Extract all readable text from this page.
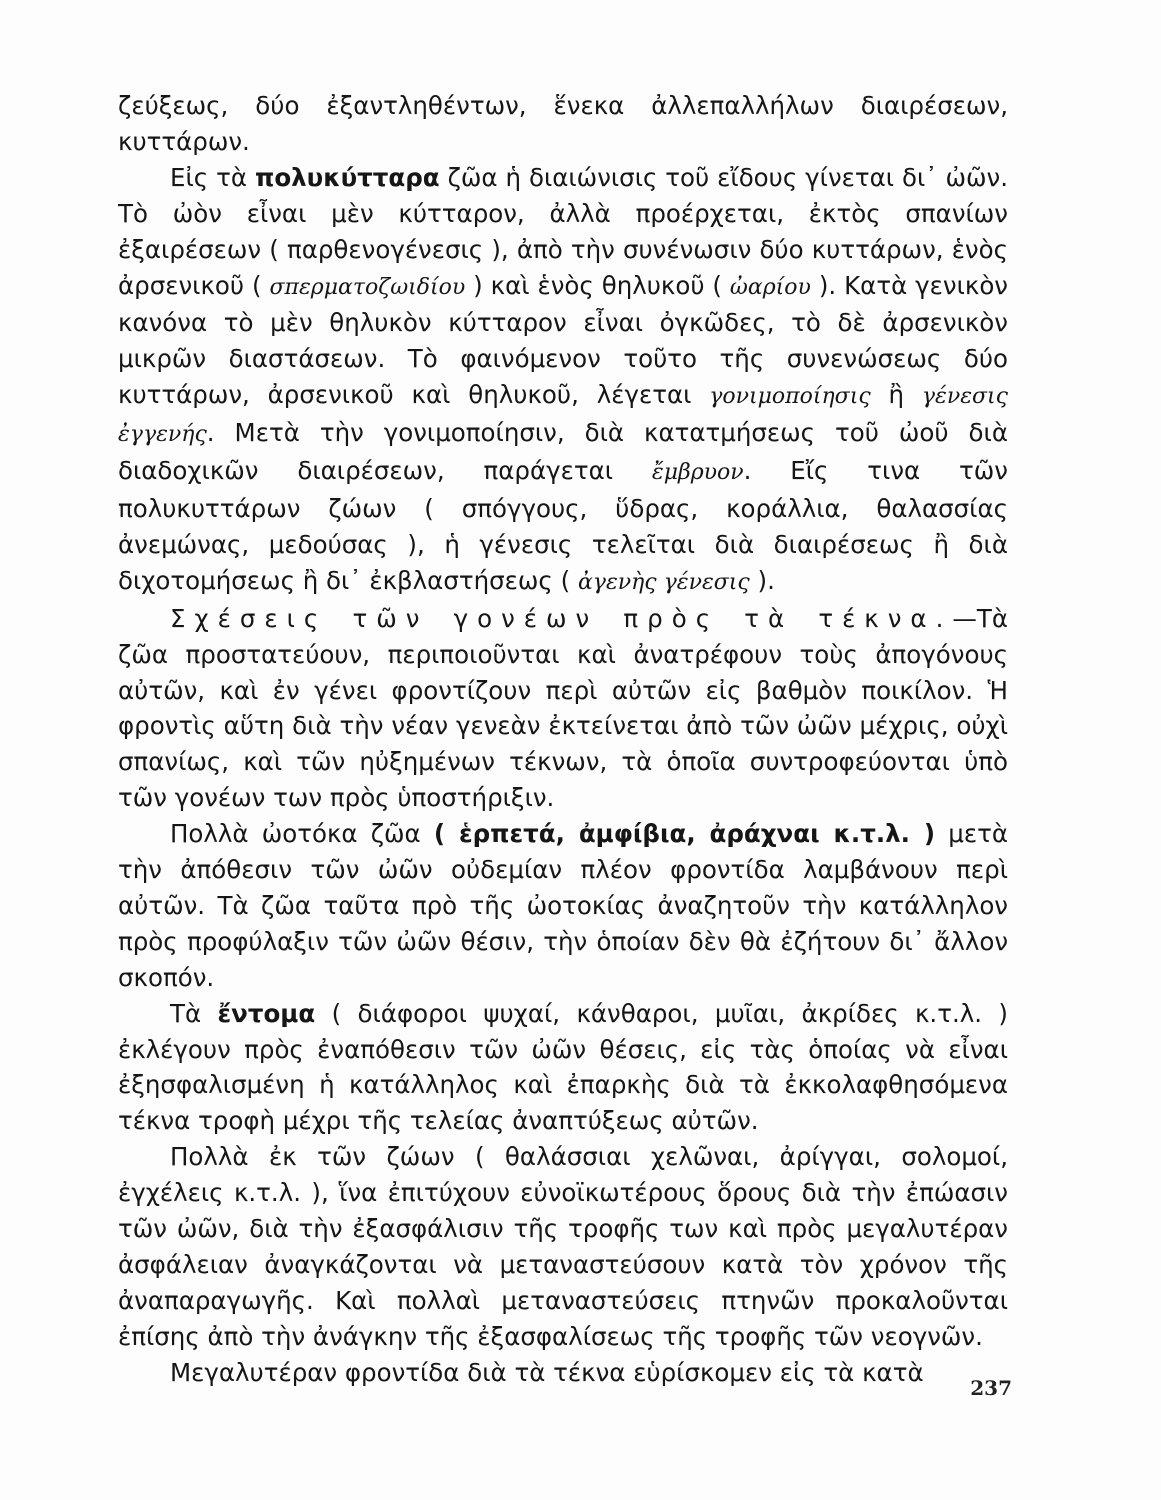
ζεύξεως, δύο ἐξαντληθέντων, ἕνεκα ἀλλεπαλλήλων διαιρέσεων, κυττάρων.

Εἰς τὰ πολυκύτταρα ζῶα ἡ διαιώνισις τοῦ εἴδους γίνεται δι᾿ ὠῶν. Τὸ ὠὸν εἶναι μὲν κύτταρον, ἀλλὰ προέρχεται, ἐκτὸς σπανίων ἐξαιρέσεων ( παρθενογένεσις ), ἀπὸ τὴν συνένωσιν δύο κυττάρων, ἑνὸς ἀρσενικοῦ ( σπερματοζωιδίου ) καὶ ἑνὸς θηλυκοῦ ( ὠαρίου ). Κατὰ γενικὸν κανόνα τὸ μὲν θηλυκὸν κύτταρον εἶναι ὀγκῶδες, τὸ δὲ ἀρσενικὸν μικρῶν διαστάσεων. Τὸ φαινόμενον τοῦτο τῆς συνενώσεως δύο κυττάρων, ἀρσενικοῦ καὶ θηλυκοῦ, λέγεται γονιμοποίησις ἢ γένεσις ἐγγενής. Μετὰ τὴν γονιμοποίησιν, διὰ κατατμήσεως τοῦ ὠοῦ διὰ διαδοχικῶν διαιρέσεων, παράγεται ἔμβρυον. Εἴς τινα τῶν πολυκυττάρων ζώων ( σπόγγους, ὕδρας, κοράλλια, θαλασσίας ἀνεμώνας, μεδούσας ), ἡ γένεσις τελεῖται διὰ διαιρέσεως ἢ διὰ διχοτομήσεως ἢ δι᾿ ἐκβλαστήσεως ( ἀγενὴς γένεσις ).

Σχέσεις τῶν γονέων πρὸς τὰ τέκνα.—Τὰ ζῶα προστατεύουν, περιποιοῦνται καὶ ἀνατρέφουν τοὺς ἀπογόνους αὐτῶν, καὶ ἐν γένει φροντίζουν περὶ αὐτῶν εἰς βαθμὸν ποικίλον. Ἡ φροντὶς αὕτη διὰ τὴν νέαν γενεὰν ἐκτείνεται ἀπὸ τῶν ὠῶν μέχρις, οὐχὶ σπανίως, καὶ τῶν ηὐξημένων τέκνων, τὰ ὁποῖα συντροφεύονται ὑπὸ τῶν γονέων των πρὸς ὑποστήριξιν.

Πολλὰ ὠοτόκα ζῶα ( ἑρπετά, ἀμφίβια, ἀράχναι κ.τ.λ. ) μετὰ τὴν ἀπόθεσιν τῶν ὠῶν οὐδεμίαν πλέον φροντίδα λαμβάνουν περὶ αὐτῶν. Τὰ ζῶα ταῦτα πρὸ τῆς ὠοτοκίας ἀναζητοῦν τὴν κατάλληλον πρὸς προφύλαξιν τῶν ὠῶν θέσιν, τὴν ὁποίαν δὲν θὰ ἐζήτουν δι᾿ ἄλλον σκοπόν.

Τὰ ἔντομα ( διάφοροι ψυχαί, κάνθαροι, μυῖαι, ἀκρίδες κ.τ.λ. ) ἐκλέγουν πρὸς ἐναπόθεσιν τῶν ὠῶν θέσεις, εἰς τὰς ὁποίας νὰ εἶναι ἐξησφαλισμένη ἡ κατάλληλος καὶ ἐπαρκὴς διὰ τὰ ἐκκολαφθησόμενα τέκνα τροφὴ μέχρι τῆς τελείας ἀναπτύξεως αὐτῶν.

Πολλὰ ἐκ τῶν ζώων ( θαλάσσιαι χελῶναι, ἀρίγγαι, σολομοί, ἐγχέλεις κ.τ.λ. ), ἵνα ἐπιτύχουν εὐνοϊκωτέρους ὅρους διὰ τὴν ἐπώασιν τῶν ὠῶν, διὰ τὴν ἐξασφάλισιν τῆς τροφῆς των καὶ πρὸς μεγαλυτέραν ἀσφάλειαν ἀναγκάζονται νὰ μεταναστεύσουν κατὰ τὸν χρόνον τῆς ἀναπαραγωγῆς. Καὶ πολλαὶ μεταναστεύσεις πτηνῶν προκαλοῦνται ἐπίσης ἀπὸ τὴν ἀνάγκην τῆς ἐξασφαλίσεως τῆς τροφῆς τῶν νεογνῶν.

Μεγαλυτέραν φροντίδα διὰ τὰ τέκνα εὑρίσκομεν εἰς τὰ κατὰ

237
